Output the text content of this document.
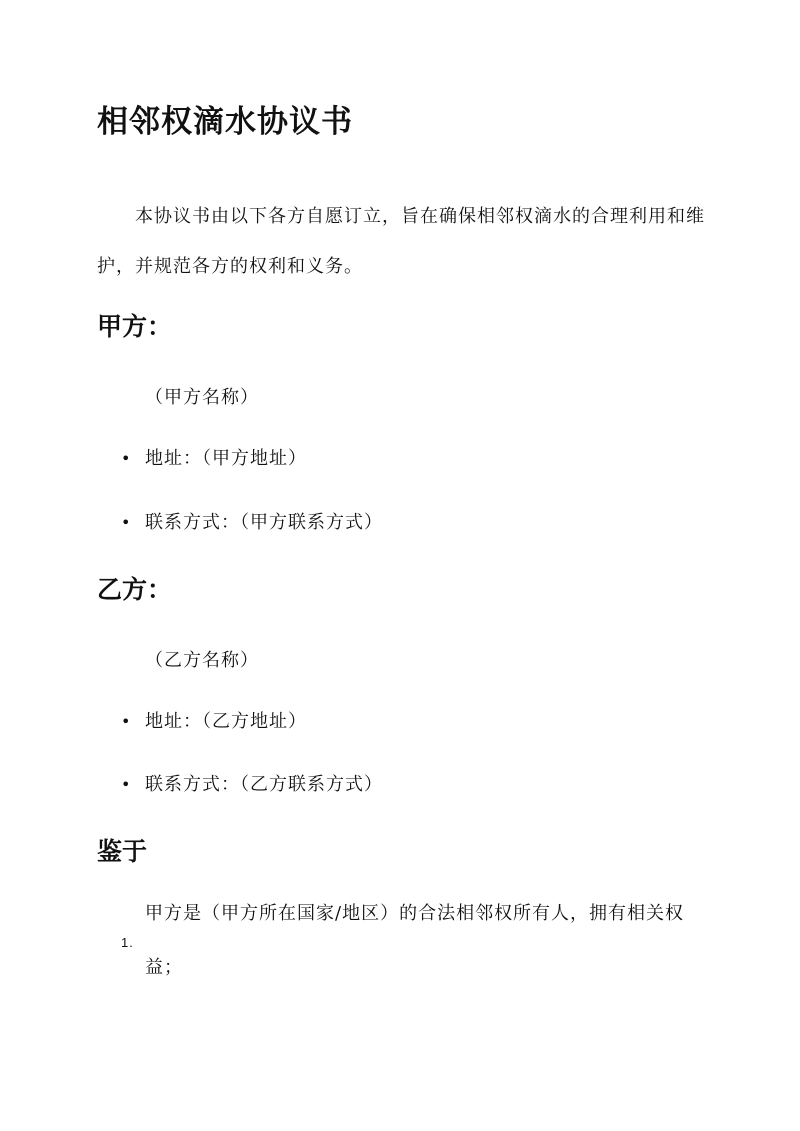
相邻权滴水协议书

本协议书由以下各方自愿订立，旨在确保相邻权滴水的合理利用和维护，并规范各方的权利和义务。

甲方：
（甲方名称）
• 地址：（甲方地址）
• 联系方式：（甲方联系方式）
乙方：
（乙方名称）
• 地址：（乙方地址）
• 联系方式：（乙方联系方式）
鉴于
1.
甲方是（甲方所在国家/地区）的合法相邻权所有人，拥有相关权益；
